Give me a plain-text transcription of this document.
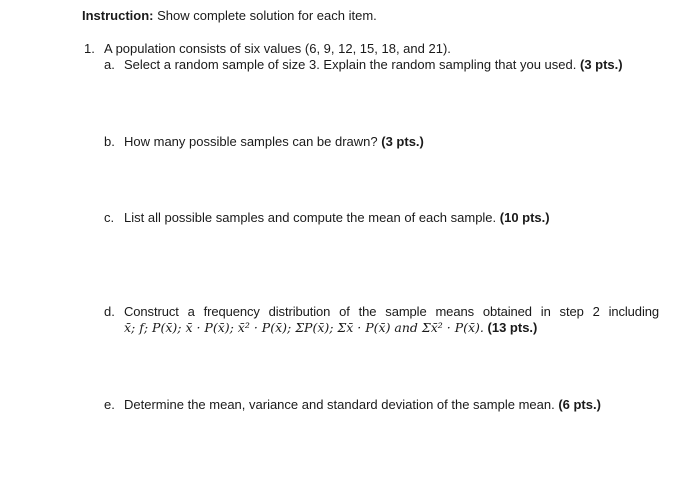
Instruction: Show complete solution for each item.
1. A population consists of six values (6, 9, 12, 15, 18, and 21).
a. Select a random sample of size 3. Explain the random sampling that you used. (3 pts.)
b. How many possible samples can be drawn? (3 pts.)
c. List all possible samples and compute the mean of each sample. (10 pts.)
d. Construct a frequency distribution of the sample means obtained in step 2 including
x̄; f; P(x̄); x̄ · P(x̄); x̄² · P(x̄); ΣP(x̄); Σx̄ · P(x̄) and Σx̄² · P(x̄). (13 pts.)
e. Determine the mean, variance and standard deviation of the sample mean. (6 pts.)
